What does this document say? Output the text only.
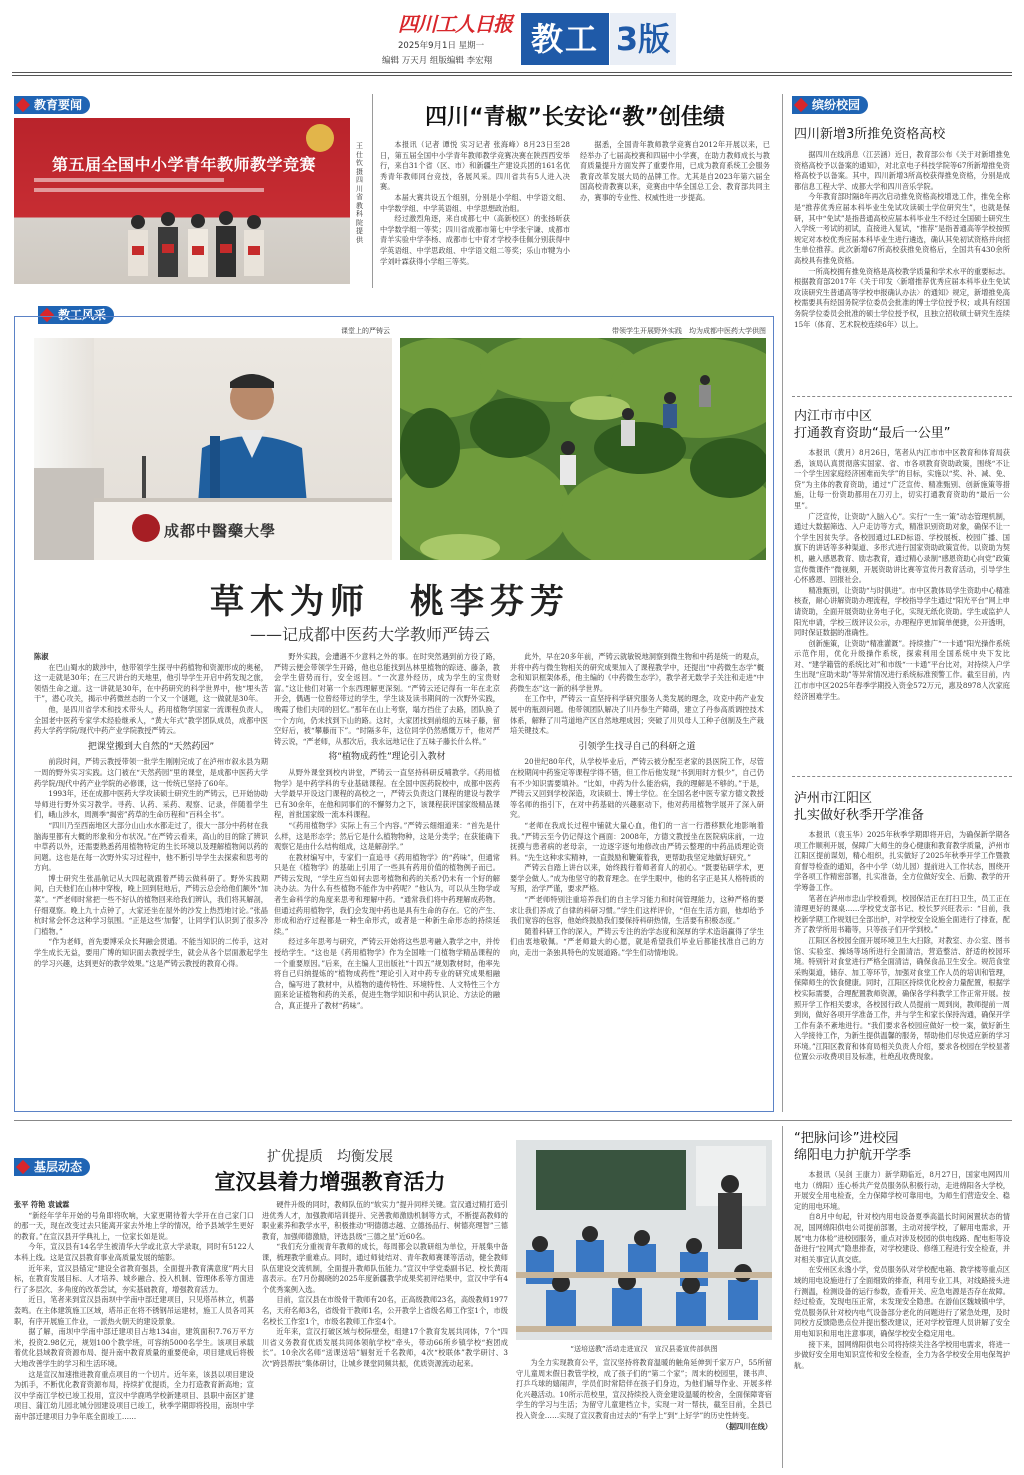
四川工人日报
2025年9月1日 星期一
编辑 万天月 组版编辑 李宏翔
教工 3版
教育要闻
第五届全国中小学青年教师教学竞赛
王仕钦 摄 四川省教科院提供
四川“青椒”长安论“教”创佳绩
本报讯（记者 谭悦 实习记者 张海峰）8月23日至28日，第五届全国中小学青年教师教学竞赛决赛在陕西西安举行，来自31个省（区、市）和新疆生产建设兵团的161名优秀青年教师同台竞技，各展风采。四川省共有5人进入决赛。
本届大赛共设五个组别，分别是小学组、中学语文组、中学数学组、中学英语组、中学思想政治组。
经过激烈角逐，来自成都七中（高新校区）的张扬昕获中学数学组一等奖；四川省成都市第七中学张宇谦、成都市青羊实验中学李杨、成都市七中育才学校李佳佩分别获得中学英语组、中学思政组、中学语文组二等奖；乐山市犍为小学刘叶霖获得小学组三等奖。
据悉，全国青年教师教学竞赛自2012年开展以来，已经举办了七届高校赛和四届中小学赛，在助力教师成长与教育质量提升方面发挥了重要作用，已成为教育系统工会服务教育改革发展大局的品牌工作。尤其是自2023年第六届全国高校青教赛以来，竞赛由中华全国总工会、教育部共同主办，赛事的专业性、权威性进一步提高。
缤纷校园
四川新增3所推免资格高校
据四川在线消息（江芸涵）近日，教育部公布《关于对新增推免资格高校予以备案的通知》，对北京电子科技学院等67所新增推免资格高校予以备案。其中，四川新增3所高校获得推免资格，分别是成都信息工程大学、成都大学和四川音乐学院。
今年教育部时隔8年再次启动推免资格高校增选工作，推免全称是“推荐优秀应届本科毕业生免试攻读硕士学位研究生”，也就是保研，其中“免试”是指普通高校应届本科毕业生不经过全国硕士研究生入学统一考试的初试，直接进入复试，“推荐”是指普通高等学校按照规定对本校优秀应届本科毕业生进行遴选，确认其免初试资格并向招生单位推荐。此次新增67所高校获推免资格后，全国共有430余所高校具有推免资格。
一所高校拥有推免资格是高校教学质量和学术水平的重要标志。根据教育部2017年《关于印发〈新增推荐优秀应届本科毕业生免试攻读研究生普通高等学校申报确认办法〉的通知》规定，新增推免高校需要具有经国务院学位委员会批准的博士学位授予权；或具有经国务院学位委员会批准的硕士学位授予权，且独立招收硕士研究生连续15年（体育、艺术院校连续6年）以上。
内江市市中区
打通教育资助“最后一公里”
本报讯（黄月）8月26日，笔者从内江市市中区教育和体育局获悉，该局认真贯彻落实国家、省、市各项教育资助政策，围绕“不让一个学生因家庭经济困难而失学”的目标，实施以“奖、补、减、免、贷”为主体的教育资助，通过“广泛宣传、精准甄别、创新施策等措施，让每一份资助都用在刀刃上，切实打通教育资助的“最后一公里”。
广泛宣传，让资助“入脑入心”。实行“一生一策”动态管理机制，通过大数据筛选、入户走访等方式，精准识别资助对象，确保不让一个学生因贫失学。各校园通过LED标语、学校展板、校园广播、国旗下的讲话等多种渠道、多形式进行国家资助政策宣传。以资助为契机，融入感恩教育、励志教育，通过精心录制“感恩资助心向党”政策宣传微课件”微视频，开展资助讲比赛等宣传月教育活动，引导学生心怀感恩、回报社会。
精准甄别，让资助“与时俱进”。市中区教体局学生资助中心精准核查，耐心讲解资助办理流程，学校指导学生通过“阳光平台”网上申请资助，全面开展资助业务电子化，实现无纸化资助。学生或监护人阳光申请，学校三级评议公示，办理程序更加简单便捷，公开透明，同时保证数据的准确性。
创新施策，让资助“精准灌溉”。持续推广“一卡通”阳光操作系统示范作用，优化升级操作系统，探索利用全国系统中央下发比对、“建学籍管的系统比对”和市级“一卡通”平台比对，对持续入户学生出现“应助未助”等异常情况进行系统标准预警工作。截至目前，内江市市中区2025年春季学期投入资金572万元，惠及8978人次家庭经济困难学生。
泸州市江阳区
扎实做好秋季开学准备
本报讯（袁玉华）2025年秋季学期即将开启，为确保新学期各项工作顺利开展，保障广大师生的身心健康和教育教学质量，泸州市江阳区提前谋划，精心组织，扎实做好了2025年秋季开学工作暨教育督导检查的通知，各中小学（幼儿园）提前进入工作状态，围绕开学各项工作精密部署，扎实准备，全方位做好安全、后勤、教学的开学筹备工作。
笔者在泸州市忠山学校看到，校园保洁正在打扫卫生，员工正在清理更好的课桌……学校党支部书记、校长罗兴旺表示：“目前，我校新学期工作规划已全部出炉，对学校安全设施全面进行了排查，配齐了教学所用书籍等，只等孩子们开学到校。”
江阳区各校园全面开展环境卫生大扫除，对教室、办公室、图书馆、实验室、操场等场所进行全面清洁，营造整洁、舒适的校园环境。特别针对食堂进行严格全面清洁，确保食品卫生安全。规范食堂采购渠道，储存、加工等环节，加强对食堂工作人员的培训和管理，保障师生的饮食健康。同时，江阳区持续优化校舍力量配置，根据学校实际需要，合理配置教师资源，确保各学科教学工作正常开展。按照开学工作相关要求，各校园行政人员提前一周到岗，教师提前一周到岗，做好各项开学准备工作，并与学生和家长保持沟通，确保开学工作有条不紊地进行。“我们要求各校园应做好一校一案，做好新生入学接待工作，为新生提供温馨的服务，帮助他们尽快适应新的学习环境。”江阳区教育和体育局相关负责人介绍，要求各校园在学校显著位置公示收费项目及标准，杜绝乱收费现象。
教工风采
课堂上的严铸云	带领学生开展野外实践　均为成都中医药大学供图
成都中醫藥大學
草木为师　桃李芬芳
——记成都中医药大学教师严铸云
陈淑
在巴山蜀水的跋涉中，他带领学生探寻中药植物和资源形成的奥秘，这一走就是30年；在三尺讲台的天地里，他引导学生开启中药发现之旅，领悟生命之道。这一讲就是30年，在中药研究的科学世界中，他“埋头苦干”，潜心攻关，揭示中药微丝态的一个又一个谜题，这一做就是30年。
他，是四川省学术和技术带头人，药用植物学国家一流课程负责人，全国老中医药专家学术经验继承人，“黄大年式”教学团队成员，成都中医药大学药学院/现代中药产业学院教授严铸云。
把课堂搬到大自然的“天然药园”
前段时间，严铸云教授带领一批学生刚刚完成了在泸州市叙永县为期一周的野外实习实践。这门被在“天然药园”里的课堂，是成都中医药大学药学院/现代中药产业学院的必修课，这一传统已坚持了60年。
1993年，还在成都中医药大学攻读硕士研究生的严铸云，已开始协助导师进行野外实习教学。寻药、认药、采药、观察、记录，伴随着学生们，峨山涉水，周测季“揭密”药草的生命历程和“百科全书”。
“四川乃至西南地区大部分山山水水都走过了，很大一部分中药材在我脑海里都有大概的形象和分布状况。”在严铸云看来，高山的目的除了辨识中草药以外，还需要熟悉药用植物特定的生长环境以及理解植物间以药的问题。这也是在每一次野外实习过程中，他不断引导学生去探索和思考的方向。
博士研究生张晶航记从大四起就跟着严铸云做科研了。野外实践期间，白天他们在山林中穿梭，晚上回到驻地后，严铸云总会给他们额外“加菜”。“严老师时常把一些不好认的植物回来给我们辨认，我们将其解剖，仔细观察。晚上九十点钟了，大家还坐在屋外的沙发上热烈地讨论。”张晶杭时常会怀念这种学习氛围。“正是这些‘加餐’，让同学们认识到了很多冷门植物。”
“作为老师，首先要博采众长拜融会贯通。不能当知识的二传手，这对学生成长无益，要用广博的知识面去教授学生，就会从各个层面激起学生的学习兴趣，达到更好的教学效果。”这是严铸云教授的教育心得。
野外实践，会遭遇不少意料之外的事。在时突然遇到前方役了路，严铸云便会带领学生开路，他也总能找到丛林里植物的踪迹、藤条，教会学生借势而行，安全返回。“一次意外经历，成为学生的宝贵财富。”这让他们对第一个东西理解更深刻。“严铸云还记得有一年在北京开会，偶遇一位曾经带过的学生，学生谈及读书期间的一次野外实践，晚霞了他们夫同的回忆。”那年在山上考察，塌方挡住了去路，团队换了一个方向，仍未找到下山的路。这时，大家团找到前组的五味子藤，留空好后，被“攀藤而下”。“时隔多年，这位同学仍然感慨万千，他对严铸云说，“严老师，从那次后，我永远地记住了五味子藤长什么样。”
将“植物成药性”理论引入教材
从野外课堂到校内讲堂，严铸云一直坚持科研反哺教学。《药用植物学》是中药学科的专业基础课程。在全国中医药院校中，成都中医药大学最早开设这门课程的高校之一，严铸云负责这门课程的建设与教学已有30余年，在他和同事们的不懈努力之下，该课程获评国家级精品课程，首批国家级一流本科课程。
“《药用植物学》实际上有三个内容。”严铸云细细道来：“首先是什么样，这是形态学；然后它是什么植物物种，这是分类学；在获能确下观察它是由什么结构组成，这是解剖学。”
在教材编写中，专家们一直追寻《药用植物学》的“药味”，但通常只是在《植物学》的基础上引用了一些具有药用价值的植物例子而已。严铸云发现，“学生应当如何去思考植物和药的关系?仍未有一个好的解决办法。为什么有些植物不能作为中药呢？”他认为，可以从生物学或者生命科学的角度来思考和理解中药。“通常我们将中药理解成药物。但通过药用植物学，我们会发现中药也是具有生命的存在。它的产生、形成和治疗过程都是一种生命形式，或者是一种新生命形态的持续延续。”
经过多年思考与研究，严铸云开始将这些思考融入教学之中，并传授给学生。“这也是《药用植物学》作为全国唯一门植物学精品课程的一个重要原因。”后来，在主编人卫出版社“十四五”规划教材时，他率先将自己归纳提炼的“植物成药性”理论引入对中药专业的研究成果相融合，编写进了教材中，从植物的遗传特性、环境特性、人文特性三个方面来论证植物和药的关系，促进生物学知识和中药认识论、方法论的融合，真正提升了教材“药味”。
此外，早在20多年前，严铸云就敏锐地洞察到微生物和中药是统一的观点，并将中药与微生物相关的研究成果加入了课程教学中，还提出“中药微生态学”概念和知识框架体系，他主编的《中药微生态学》，教学者无数学子关注和走进“中药微生态”这一新的科学世界。
在工作中，严铸云一直坚持科学研究服务人类发展的理念，攻克中药产业发展中的瓶颈问题。他带领团队解决了川丹参生产障碍，建立了丹参高质调控技术体系，解释了川芎道地产区自然地理成因；突破了川贝母人工种子创制及生产栽培关键技术。
引领学生找寻自己的科研之道
20世纪80年代，从学校毕业后，严铸云被分配至老家的县医院工作，尽管在校期间中药鉴定等课程学得不错，但工作后他发现“书到用时方恨少”，自己仍有不少知识需要填补。“比如，中药为什么能治病，我的理解是不够的。”于是，严铸云又回到学校深造，攻读硕士、博士学位。在全国名老中医专家方德文教授等名师的指引下，在对中药基础的兴趣驱动下，他对药用植物学展开了深入研究。
“老师在我成长过程中铺就大量心血，他们的一言一行潜移默化地影响着我。”严铸云至今仍记得这个画面：2008年，方德文教授坐在医院病床前，一边抚摸与患者病的老母亲，一边逐字逐句地修改由严铸云整理的中药品质理论资料。“先生这种求实精神，一直鼓励和鞭策着我，更帮助我坚定地做好研究。”
严铸云自踏上讲台以来，始终践行着师者育人的初心。“既要钻研学术，更要学会做人。”成为他坚守的教育理念。在学生眼中，他的名字正是其人格特质的写照，治学严谨，要求严格。
“严老师特别注重培养我们的自主学习能力和时间管理能力，这种严格的要求让我们养成了自律的科研习惯。”学生们这样评价，“但在生活方面，他却给予我们宽容的包容，他始终鼓励我们要保持科研热情，生活要有积极态度。”
随着科研工作的深入，严铸云专注的治学态度和深厚的学术造诣赢得了学生们由衷地敬佩。“严老师最大的心愿，就是希望我们毕业后都能找准自己的方向，走出一条独具特色的发展道路。”学生们动情地说。
基层动态
扩优提质　均衡发展
宣汉县着力增强教育活力
张平 符艳 袁诚霖
“新经年学年开始的号角即将吹响，大家更期待着大学开在自己家门口的那一天，现在改变过去只能离开家去外地上学的情况，给予县域学生更好的教育。”在宣汉县开学典礼上，一位家长如是说。
今年，宣汉县有14名学生被清华大学或北京大学录取，同时有5122人本科上线。这是宣汉县教育事业高质量发展的缩影。
近年来，宣汉县锚定“建设全省教育强县，全面提升教育满意度”两大目标，在教育发展目标、人才培养、城乡融合、投入机制、管理体系等方面进行了多层次、多角度的改革尝试，夯实基础教育，增强教育活力。
近日，笔者来到宣汉县南坝中学南中部迁建项目，只见塔吊林立，机器轰鸣。在主体建筑施工区域，塔吊正在将不锈钢吊运建材，施工人员各司其职，有序开展施工作业，一派热火朝天的建设景象。
据了解，南坝中学南中部迁建项目占地134亩，建筑面积7.76万平方米，投资2.98亿元，规划100个教学班，可容纳5000名学生。该项目承载着优化县域教育资源布局、提升南中教育质量的重要使命，项目建成后将极大地改善学生的学习和生活环境。
这是宣汉加速推进教育重点项目的一个切片。近年来，该县以项目建设为抓手，不断优化教育资源布局，持续扩优提质，全力打造教育新高地；宣汉中学南江学校已竣工投用，宣汉中学鹿鸣学校新建项目、县职中南区扩建项目、蒲江幼儿园北城分园建设项目已竣工，秋季学期即将投用，南坝中学南中部迁建项目力争年底全面竣工……
硬件升级的同时，教师队伍的“软实力”提升同样关键。宣汉通过精打造引进优秀人才，加强教师培训提升、完善教师激励机制等方式，不断提高教师的职业素养和教学水平，积极推动“明德德志越、立德扬品行、树德亮理智”三德教育，加强师德激励，评选县级“三德之星”近60名。
“我们充分重视青年教师的成长，每周都会以教研组为单位，开展集中备课，梳理教学重难点。同时，通过师徒结对、青年教师赛课等活动，健全教师队伍建设交流机制，全面提升教师队伍能力。”宣汉中学党委副书记、校长黄雨喜表示。在7月份揭晓的2025年度新疆教学成果奖初评结果中，宣汉中学有4个优秀案例入选。
目前，宣汉县在市级骨干教师有20名，正高级教师23名，高级教师1977名，天府名师3名，省级骨干教师1名，公开教学上省级名师工作室1个，市级名校长工作室1个，市级名教师工作室4个。
近年来，宣汉打破区域与校际壁垒，组建17个教育发展共同体，7个“四川省义务教育优质发展共同体领航学校”牵头，带动66所乡镇学校“抱团成长”。10余次名师“送课送培”辐射近千名教师，4次“校联体”教学研讨、3次“跨县帮扶”集体研讨，让城乡课堂同频共振，优质资源流动起来。
“送培送教”活动走进宣汉　宣汉县委宣传部供图
为全力实现教育公平，宣汉坚持将教育温暖的触角延伸到千家万户，55所留守儿童周末假日教管学校，成了孩子们的“第二个家”；周末的校园里，课书声、打乒乓球的嬉闹声，学员们时常陪伴在孩子们身边，为他们辅导作业、开展多样化兴趣活动。10所示范校里，宣汉持续投入资金建设温暖的校舍，全面保障寄宿学生的学习与生活；为留守儿童建档立卡，实现一对一帮扶，截至目前，全县已投入资金……实现了宣汉教育由过去的“有学上”到“上好学”的历史性转变。
（据四川在线）
“把脉问诊”进校园
绵阳电力护航开学季
本报讯（吴剑 王康力）新学期临近，8月27日，国家电网四川电力（绵阳）连心桥共产党员服务队积极行动，走进绵阳各大学校，开展安全用电检查，全力保障学校可靠用电，为师生们营造安全、稳定的用电环境。
自8月中旬起，针对校内用电设备夏季高温长时间闲置状态的情况，国网绵阳供电公司提前部署，主动对接学校，了解用电需求，开展“电力体检”进校园服务，重点对涉及校园的供电线路、配电柜等设备进行“拉网式”隐患排查，对学校建设、修缮工程进行安全检查，并对相关事宜认真交底。
在安州区永逸小学，党员服务队对学校配电箱、教学楼等重点区域的用电设施进行了全面细致的排查，利用专业工具，对线路接头进行测温，检测设备的运行参数，查看开关、应急电源是否存在故障。经过检查，发现电压正常，未发现安全隐患。在游仙区魏城镇中学，党员服务队针对校内电气设备部分老化的问题进行了紧急处理，及时同校方反馈隐患点位并提出整改建议，还对学校管理人员讲解了安全用电知识和用电注意事项，确保学校安全稳定用电。
接下来，国网绵阳供电公司将持续关注各学校用电需求，将进一步做好安全用电知识宣传和安全检查，全力为各学校安全用电保驾护航。
